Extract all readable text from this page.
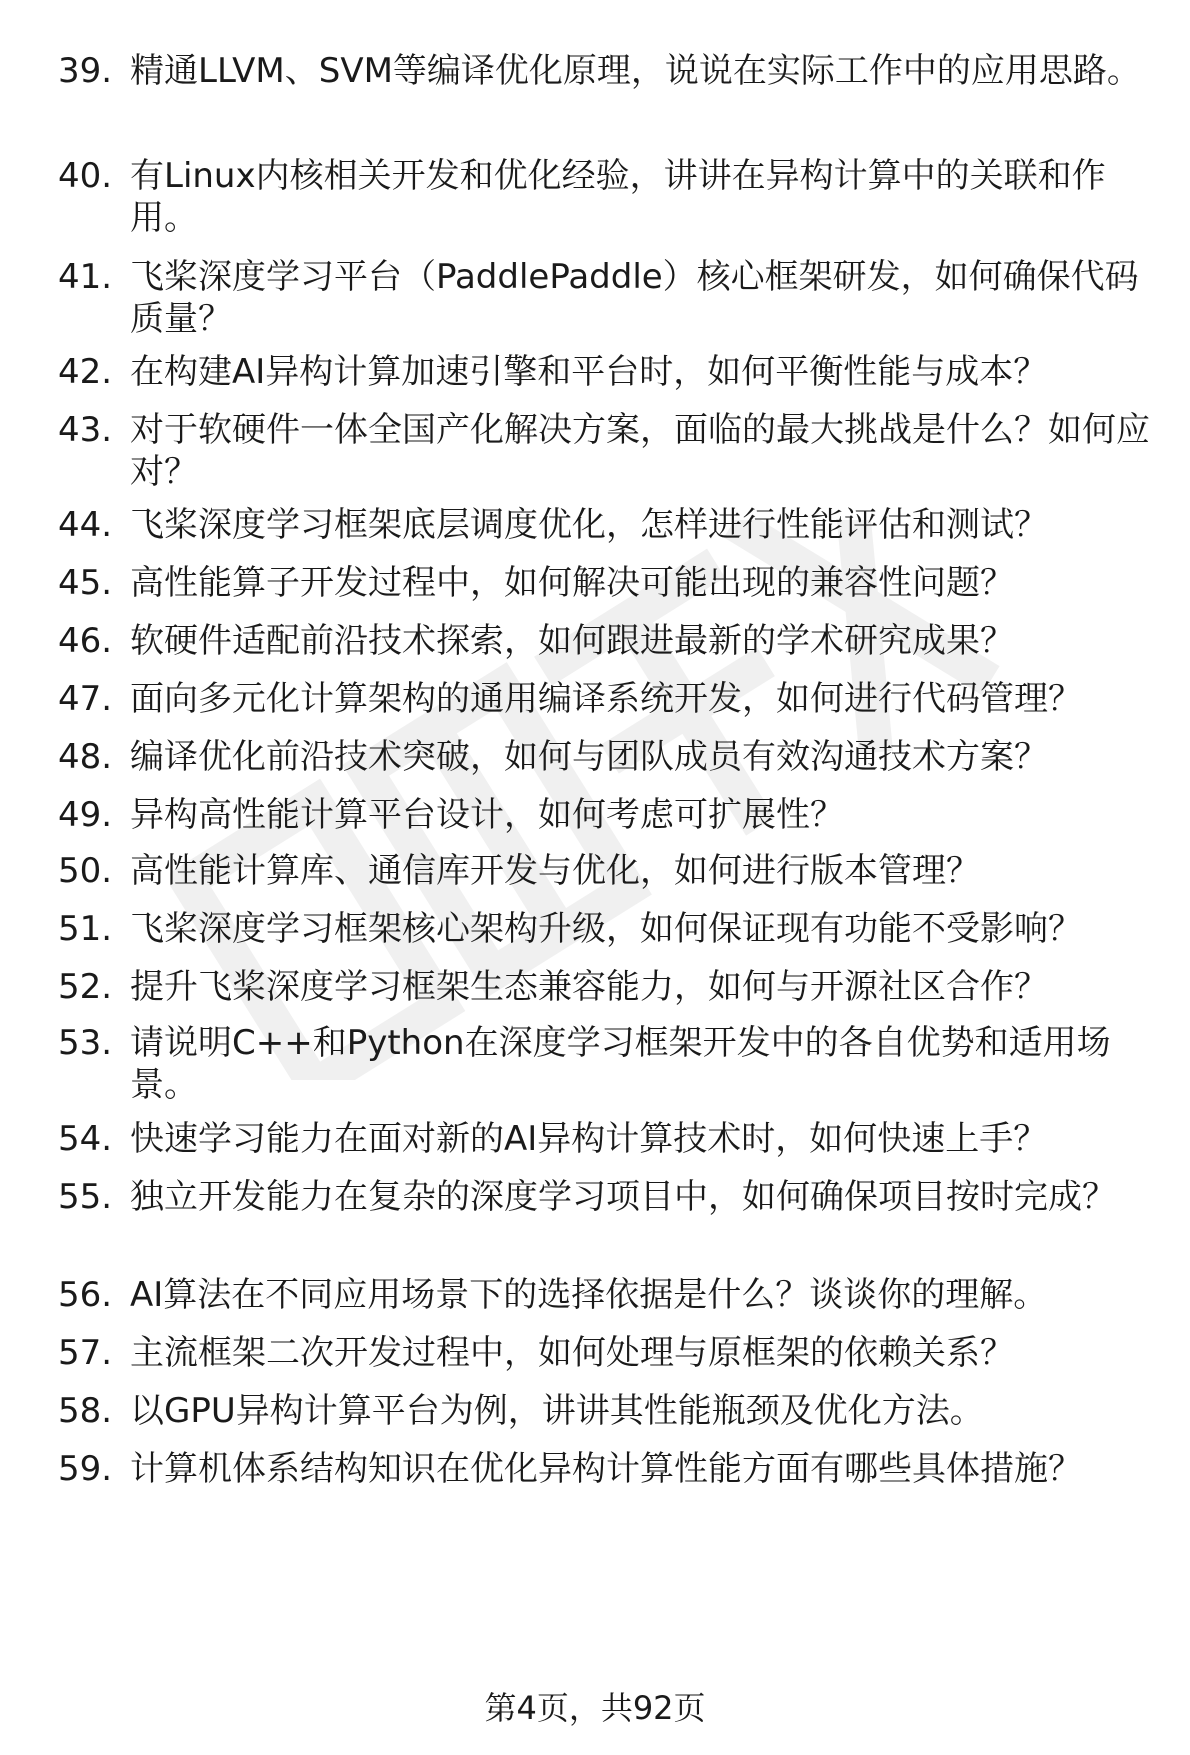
39. 精通LLVM、SVM等编译优化原理，说说在实际工作中的应用思路。
40. 有Linux内核相关开发和优化经验，讲讲在异构计算中的关联和作用。
41. 飞桨深度学习平台（PaddlePaddle）核心框架研发，如何确保代码质量？
42. 在构建AI异构计算加速引擎和平台时，如何平衡性能与成本？
43. 对于软硬件一体全国产化解决方案，面临的最大挑战是什么？如何应对？
44. 飞桨深度学习框架底层调度优化，怎样进行性能评估和测试？
45. 高性能算子开发过程中，如何解决可能出现的兼容性问题？
46. 软硬件适配前沿技术探索，如何跟进最新的学术研究成果？
47. 面向多元化计算架构的通用编译系统开发，如何进行代码管理？
48. 编译优化前沿技术突破，如何与团队成员有效沟通技术方案？
49. 异构高性能计算平台设计，如何考虑可扩展性？
50. 高性能计算库、通信库开发与优化，如何进行版本管理？
51. 飞桨深度学习框架核心架构升级，如何保证现有功能不受影响？
52. 提升飞桨深度学习框架生态兼容能力，如何与开源社区合作？
53. 请说明C++和Python在深度学习框架开发中的各自优势和适用场景。
54. 快速学习能力在面对新的AI异构计算技术时，如何快速上手？
55. 独立开发能力在复杂的深度学习项目中，如何确保项目按时完成？
56. AI算法在不同应用场景下的选择依据是什么？谈谈你的理解。
57. 主流框架二次开发过程中，如何处理与原框架的依赖关系？
58. 以GPU异构计算平台为例，讲讲其性能瓶颈及优化方法。
59. 计算机体系结构知识在优化异构计算性能方面有哪些具体措施？
第4页，共92页
